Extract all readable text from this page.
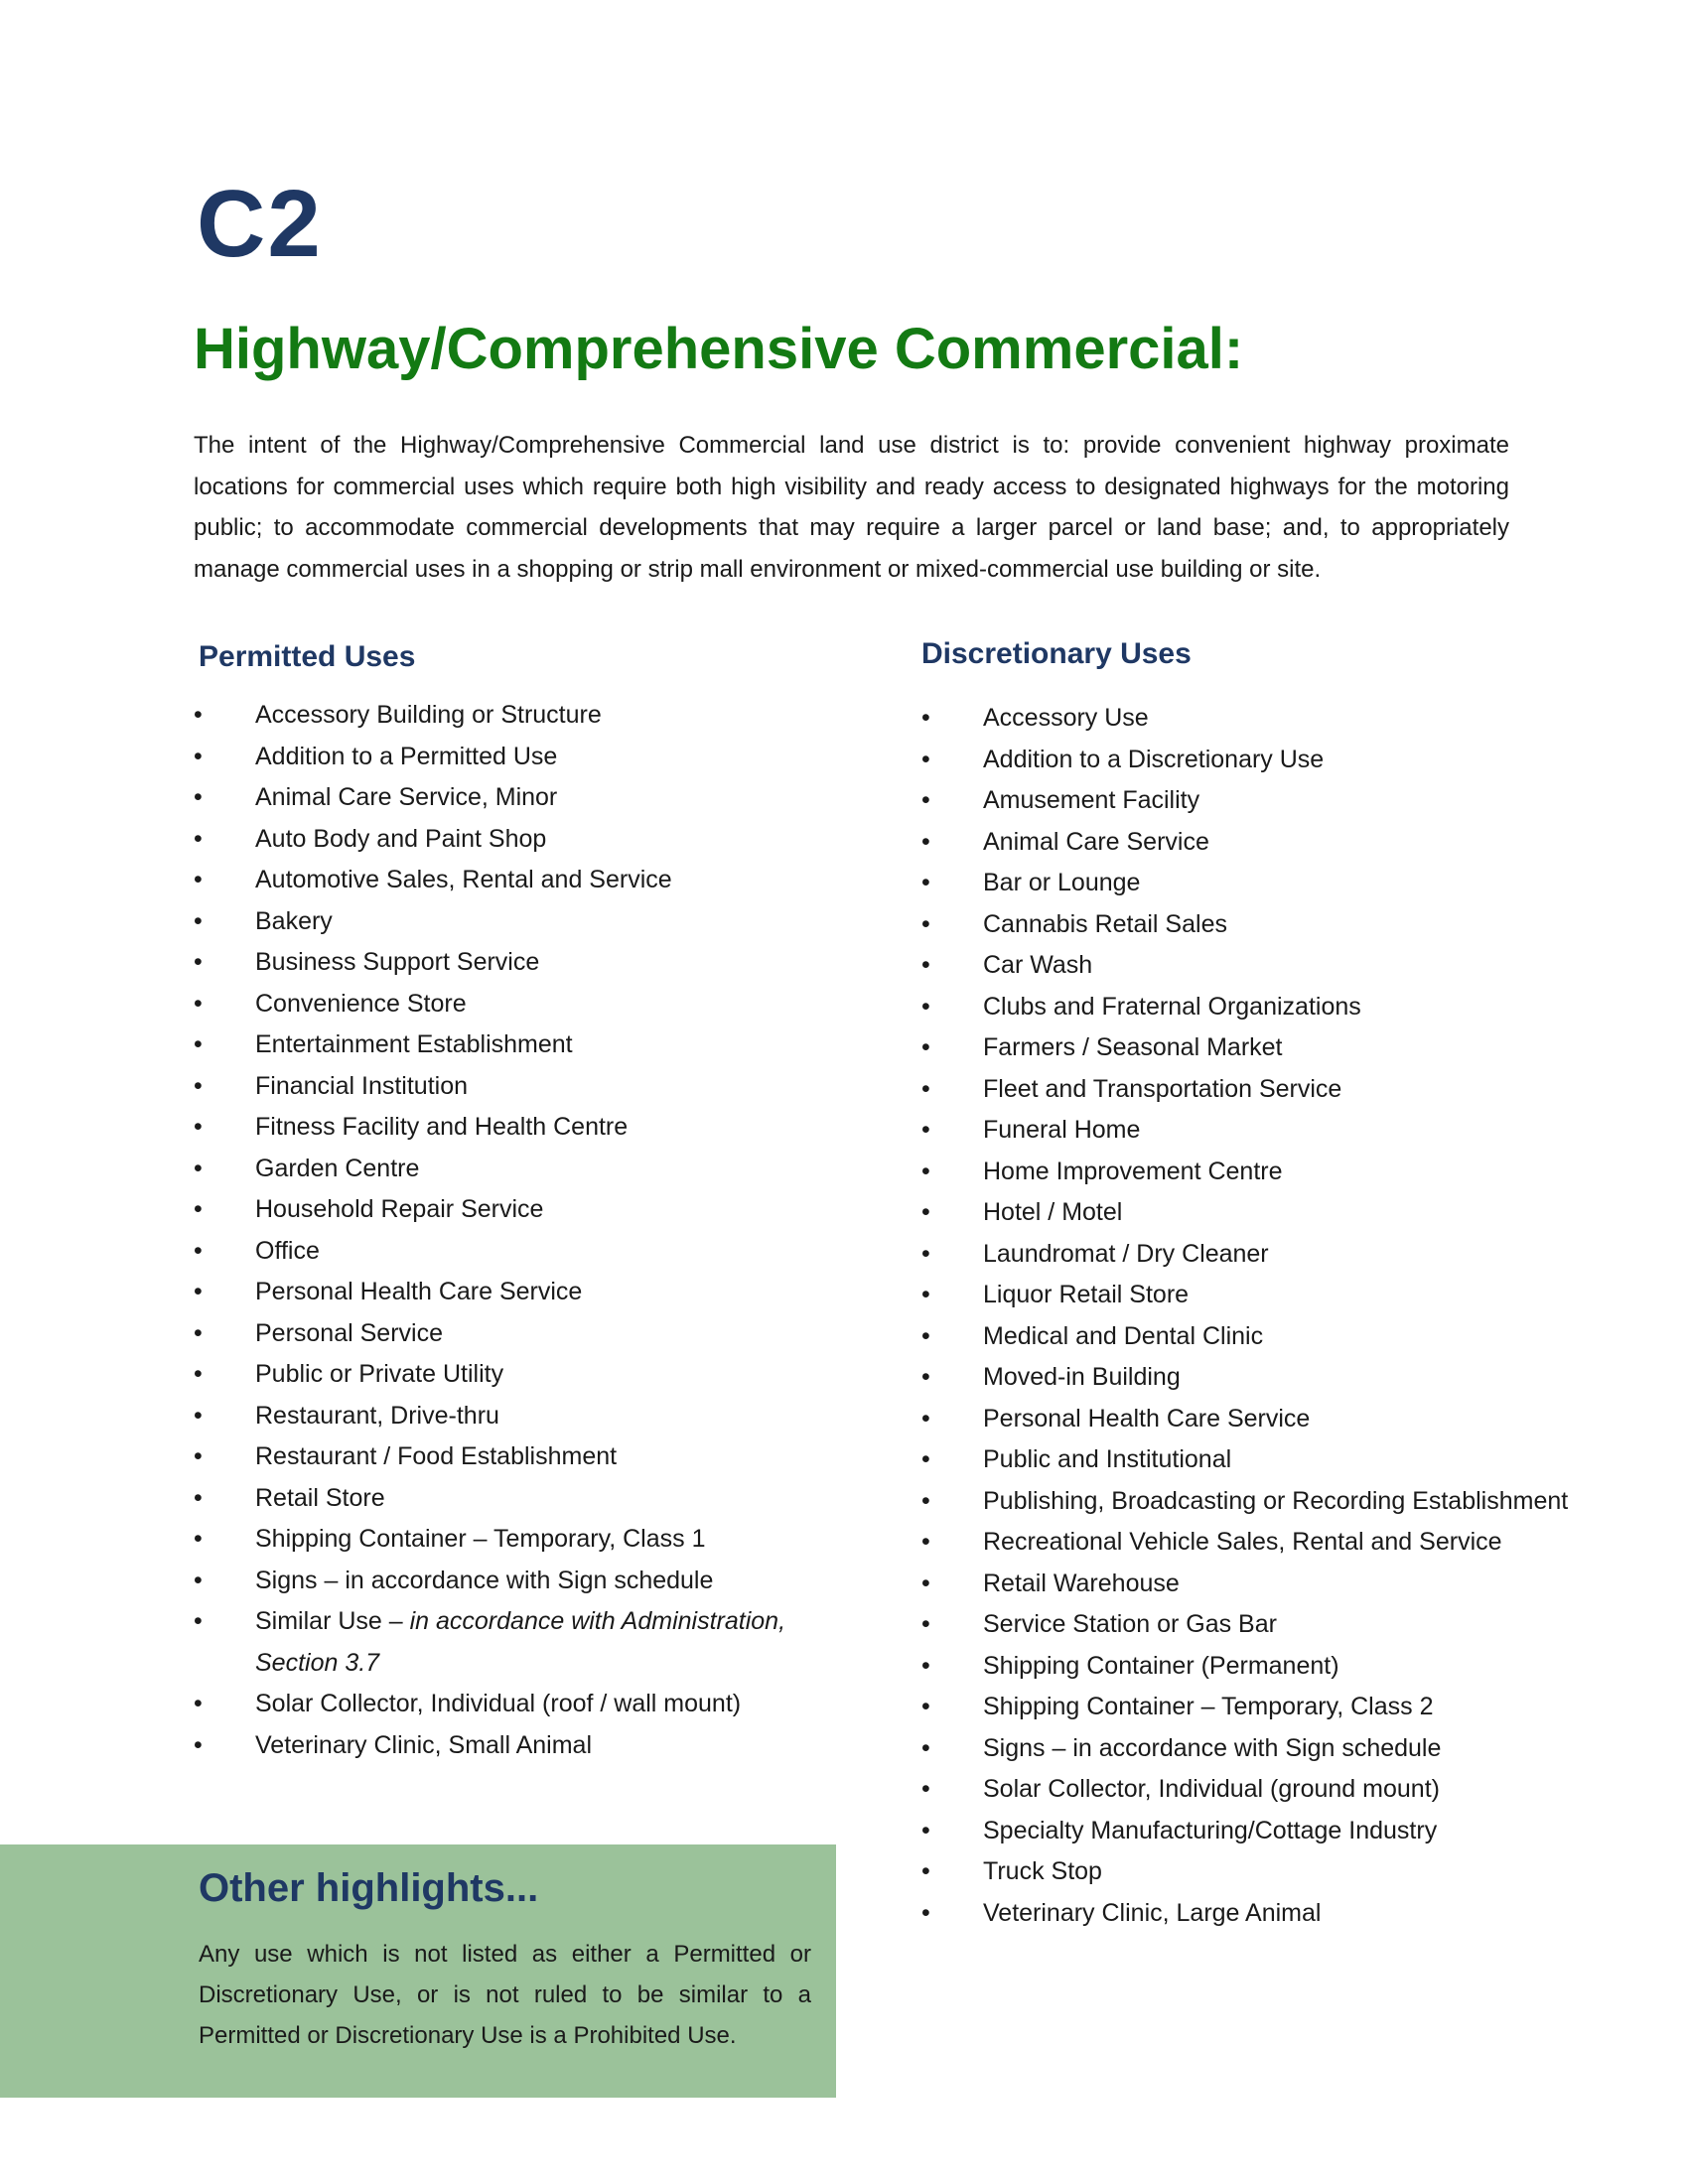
C2
Highway/Comprehensive Commercial:

The intent of the Highway/Comprehensive Commercial land use district is to: provide convenient highway proximate locations for commercial uses which require both high visibility and ready access to designated highways for the motoring public; to accommodate commercial developments that may require a larger parcel or land base; and, to appropriately manage commercial uses in a shopping or strip mall environment or mixed-commercial use building or site.

Permitted Uses
• Accessory Building or Structure
• Addition to a Permitted Use
• Animal Care Service, Minor
• Auto Body and Paint Shop
• Automotive Sales, Rental and Service
• Bakery
• Business Support Service
• Convenience Store
• Entertainment Establishment
• Financial Institution
• Fitness Facility and Health Centre
• Garden Centre
• Household Repair Service
• Office
• Personal Health Care Service
• Personal Service
• Public or Private Utility
• Restaurant, Drive-thru
• Restaurant / Food Establishment
• Retail Store
• Shipping Container – Temporary, Class 1
• Signs – in accordance with Sign schedule
• Similar Use – in accordance with Administration, Section 3.7
• Solar Collector, Individual (roof / wall mount)
• Veterinary Clinic, Small Animal
Discretionary Uses
• Accessory Use
• Addition to a Discretionary Use
• Amusement Facility
• Animal Care Service
• Bar or Lounge
• Cannabis Retail Sales
• Car Wash
• Clubs and Fraternal Organizations
• Farmers / Seasonal Market
• Fleet and Transportation Service
• Funeral Home
• Home Improvement Centre
• Hotel / Motel
• Laundromat / Dry Cleaner
• Liquor Retail Store
• Medical and Dental Clinic
• Moved-in Building
• Personal Health Care Service
• Public and Institutional
• Publishing, Broadcasting or Recording Establishment
• Recreational Vehicle Sales, Rental and Service
• Retail Warehouse
• Service Station or Gas Bar
• Shipping Container (Permanent)
• Shipping Container – Temporary, Class 2
• Signs – in accordance with Sign schedule
• Solar Collector, Individual (ground mount)
• Specialty Manufacturing/Cottage Industry
• Truck Stop
• Veterinary Clinic, Large Animal
Other highlights...

Any use which is not listed as either a Permitted or Discretionary Use, or is not ruled to be similar to a Permitted or Discretionary Use is a Prohibited Use.
